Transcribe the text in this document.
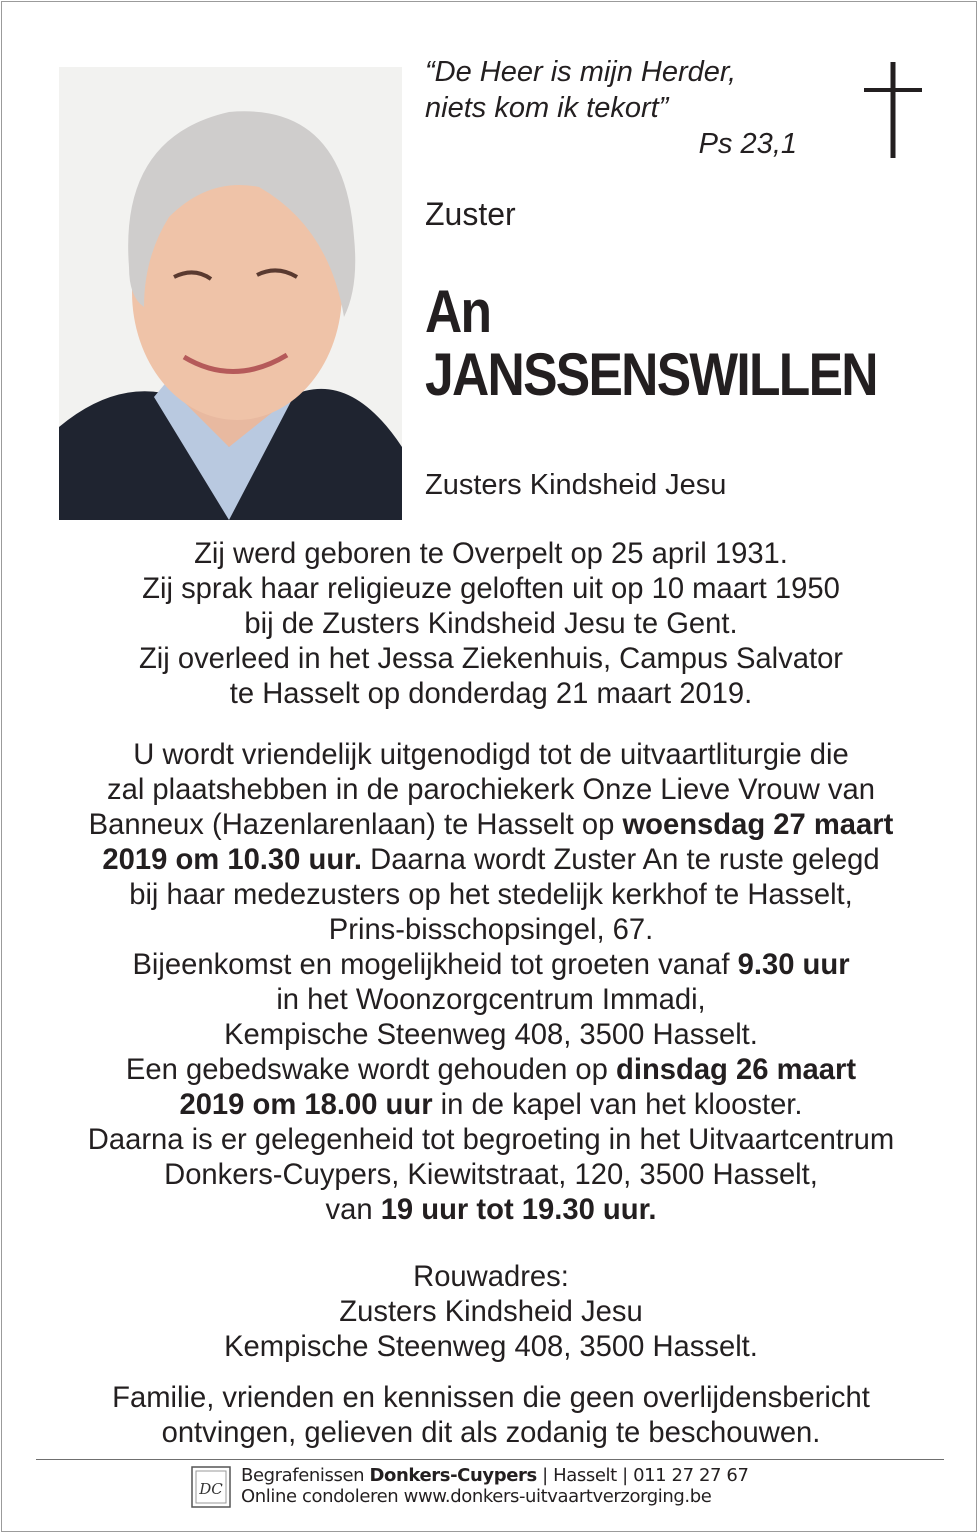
“De Heer is mijn Herder,
niets kom ik tekort”
Ps 23,1
Zuster
An
JANSSENSWILLEN
Zusters Kindsheid Jesu
Zij werd geboren te Overpelt op 25 april 1931.
Zij sprak haar religieuze geloften uit op 10 maart 1950
bij de Zusters Kindsheid Jesu te Gent.
Zij overleed in het Jessa Ziekenhuis, Campus Salvator
te Hasselt op donderdag 21 maart 2019.
U wordt vriendelijk uitgenodigd tot de uitvaartliturgie die
zal plaatshebben in de parochiekerk Onze Lieve Vrouw van
Banneux (Hazenlarenlaan) te Hasselt op woensdag 27 maart
2019 om 10.30 uur. Daarna wordt Zuster An te ruste gelegd
bij haar medezusters op het stedelijk kerkhof te Hasselt,
Prins-bisschopsingel, 67.
Bijeenkomst en mogelijkheid tot groeten vanaf 9.30 uur
in het Woonzorgcentrum Immadi,
Kempische Steenweg 408, 3500 Hasselt.
Een gebedswake wordt gehouden op dinsdag 26 maart
2019 om 18.00 uur in de kapel van het klooster.
Daarna is er gelegenheid tot begroeting in het Uitvaartcentrum
Donkers-Cuypers, Kiewitstraat, 120, 3500 Hasselt,
van 19 uur tot 19.30 uur.
Rouwadres:
Zusters Kindsheid Jesu
Kempische Steenweg 408, 3500 Hasselt.
Familie, vrienden en kennissen die geen overlijdensbericht
ontvingen, gelieven dit als zodanig te beschouwen.
DC
Begrafenissen Donkers-Cuypers | Hasselt | 011 27 27 67
Online condoleren www.donkers-uitvaartverzorging.be
